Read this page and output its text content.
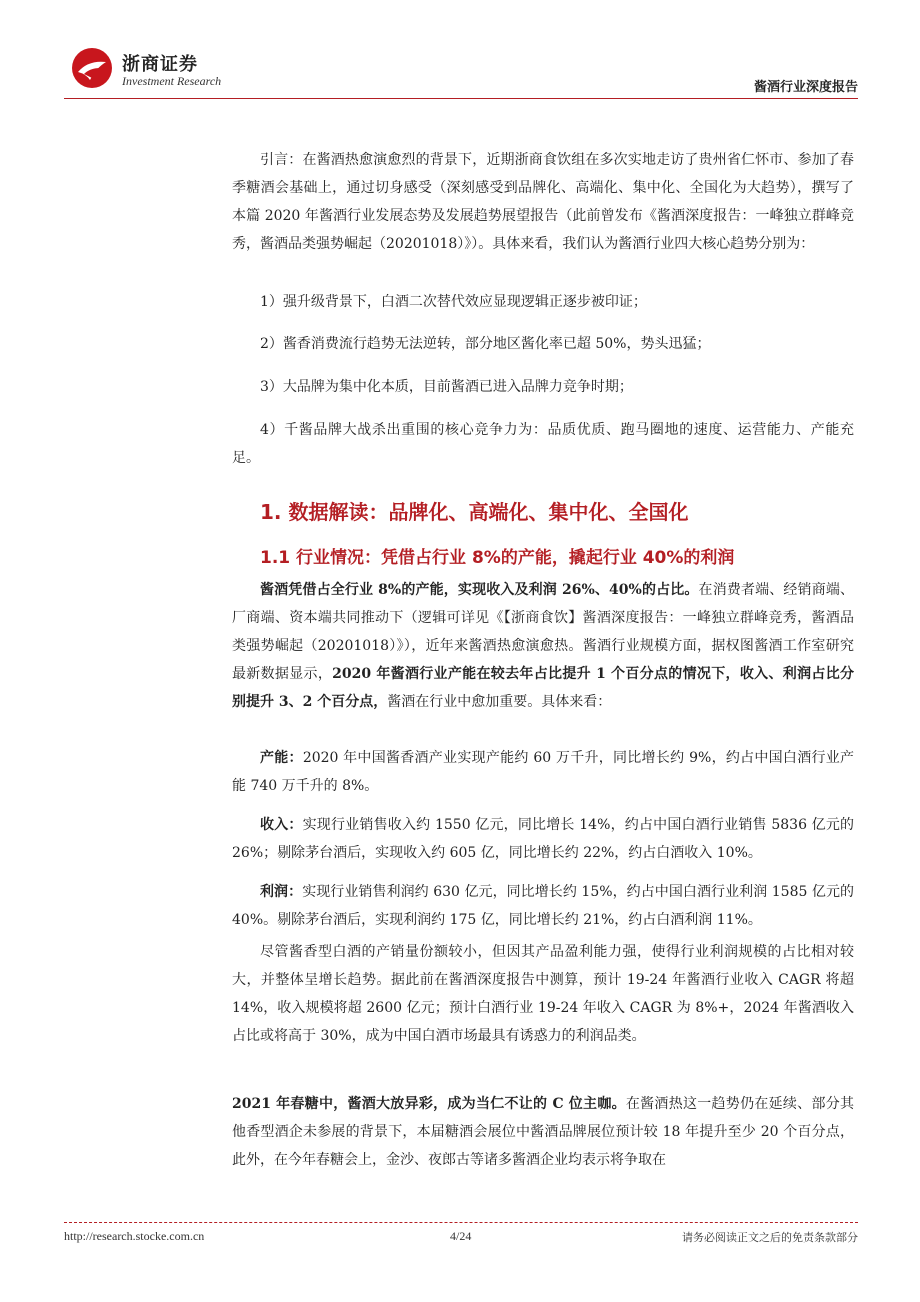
浙商证券
Investment Research	酱酒行业深度报告
引言：在酱酒热愈演愈烈的背景下，近期浙商食饮组在多次实地走访了贵州省仁怀市、参加了春季糖酒会基础上，通过切身感受（深刻感受到品牌化、高端化、集中化、全国化为大趋势），撰写了本篇 2020 年酱酒行业发展态势及发展趋势展望报告（此前曾发布《酱酒深度报告：一峰独立群峰竞秀，酱酒品类强势崛起（20201018）》）。具体来看，我们认为酱酒行业四大核心趋势分别为：
1）强升级背景下，白酒二次替代效应显现逻辑正逐步被印证；
2）酱香消费流行趋势无法逆转，部分地区酱化率已超 50%，势头迅猛；
3）大品牌为集中化本质，目前酱酒已进入品牌力竞争时期；
4）千酱品牌大战杀出重围的核心竞争力为：品质优质、跑马圈地的速度、运营能力、产能充足。
1. 数据解读：品牌化、高端化、集中化、全国化
1.1 行业情况：凭借占行业 8%的产能，撬起行业 40%的利润
酱酒凭借占全行业 8%的产能，实现收入及利润 26%、40%的占比。在消费者端、经销商端、厂商端、资本端共同推动下（逻辑可详见《【浙商食饮】酱酒深度报告：一峰独立群峰竞秀，酱酒品类强势崛起（20201018）》），近年来酱酒热愈演愈热。酱酒行业规模方面，据权图酱酒工作室研究最新数据显示，2020 年酱酒行业产能在较去年占比提升 1 个百分点的情况下，收入、利润占比分别提升 3、2 个百分点，酱酒在行业中愈加重要。具体来看：
产能：2020 年中国酱香酒产业实现产能约 60 万千升，同比增长约 9%，约占中国白酒行业产能 740 万千升的 8%。
收入：实现行业销售收入约 1550 亿元，同比增长 14%，约占中国白酒行业销售 5836 亿元的 26%；剔除茅台酒后，实现收入约 605 亿，同比增长约 22%，约占白酒收入 10%。
利润：实现行业销售利润约 630 亿元，同比增长约 15%，约占中国白酒行业利润 1585 亿元的 40%。剔除茅台酒后，实现利润约 175 亿，同比增长约 21%，约占白酒利润 11%。
尽管酱香型白酒的产销量份额较小，但因其产品盈利能力强，使得行业利润规模的占比相对较大，并整体呈增长趋势。据此前在酱酒深度报告中测算，预计 19-24 年酱酒行业收入 CAGR 将超 14%，收入规模将超 2600 亿元；预计白酒行业 19-24 年收入 CAGR 为 8%+，2024 年酱酒收入占比或将高于 30%，成为中国白酒市场最具有诱惑力的利润品类。
2021 年春糖中，酱酒大放异彩，成为当仁不让的 C 位主咖。在酱酒热这一趋势仍在延续、部分其他香型酒企未参展的背景下，本届糖酒会展位中酱酒品牌展位预计较 18 年提升至少 20 个百分点，此外，在今年春糖会上，金沙、夜郎古等诸多酱酒企业均表示将争取在
http://research.stocke.com.cn	4/24	请务必阅读正文之后的免责条款部分
